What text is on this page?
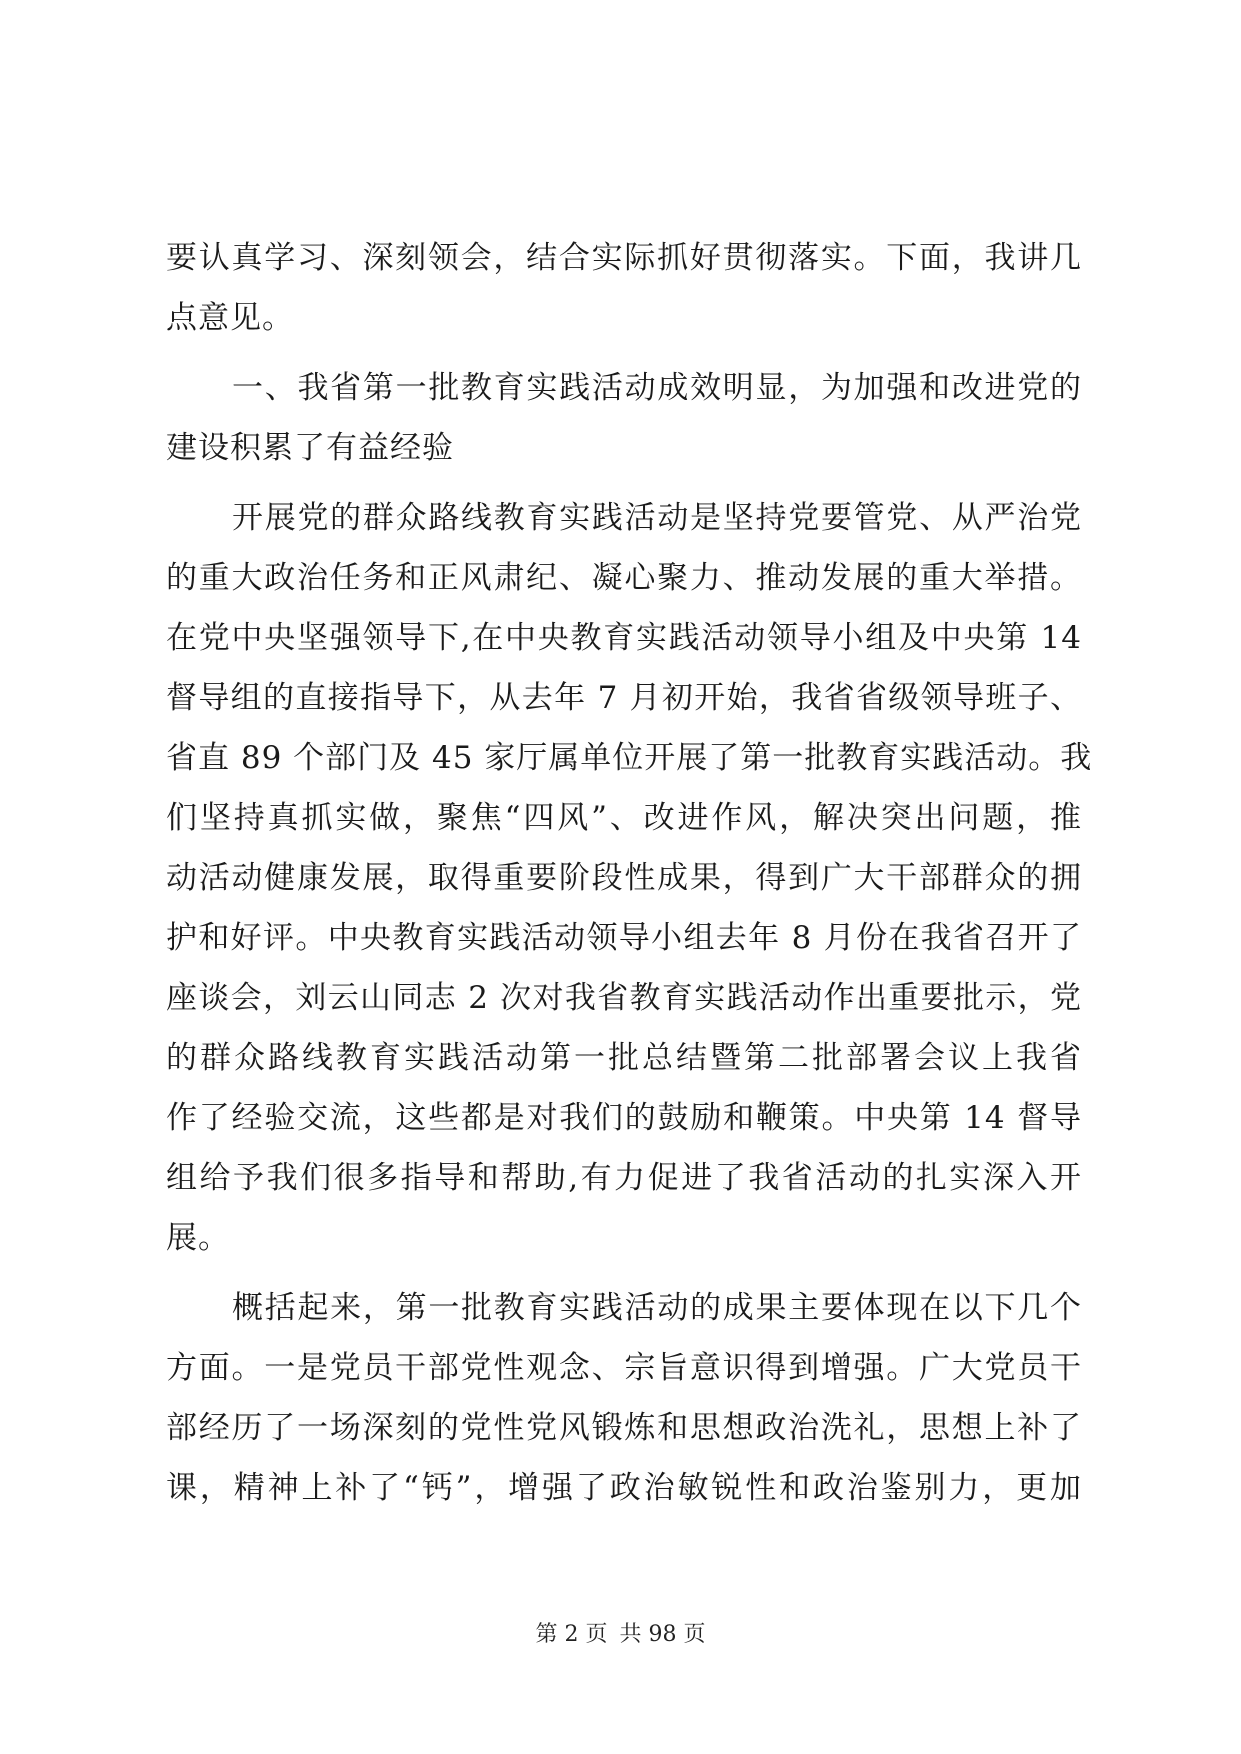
要认真学习、深刻领会，结合实际抓好贯彻落实。下面，我讲几
点意见。
一、我省第一批教育实践活动成效明显，为加强和改进党的
建设积累了有益经验
开展党的群众路线教育实践活动是坚持党要管党、从严治党
的重大政治任务和正风肃纪、凝心聚力、推动发展的重大举措。
在党中央坚强领导下,在中央教育实践活动领导小组及中央第 14
督导组的直接指导下，从去年 7 月初开始，我省省级领导班子、
省直 89 个部门及 45 家厅属单位开展了第一批教育实践活动。我
们坚持真抓实做，聚焦“四风”、改进作风，解决突出问题，推
动活动健康发展，取得重要阶段性成果，得到广大干部群众的拥
护和好评。中央教育实践活动领导小组去年 8 月份在我省召开了
座谈会，刘云山同志 2 次对我省教育实践活动作出重要批示，党
的群众路线教育实践活动第一批总结暨第二批部署会议上我省
作了经验交流，这些都是对我们的鼓励和鞭策。中央第 14 督导
组给予我们很多指导和帮助,有力促进了我省活动的扎实深入开
展。
概括起来，第一批教育实践活动的成果主要体现在以下几个
方面。一是党员干部党性观念、宗旨意识得到增强。广大党员干
部经历了一场深刻的党性党风锻炼和思想政治洗礼，思想上补了
课，精神上补了“钙”，增强了政治敏锐性和政治鉴别力，更加
第 2 页 共 98 页
